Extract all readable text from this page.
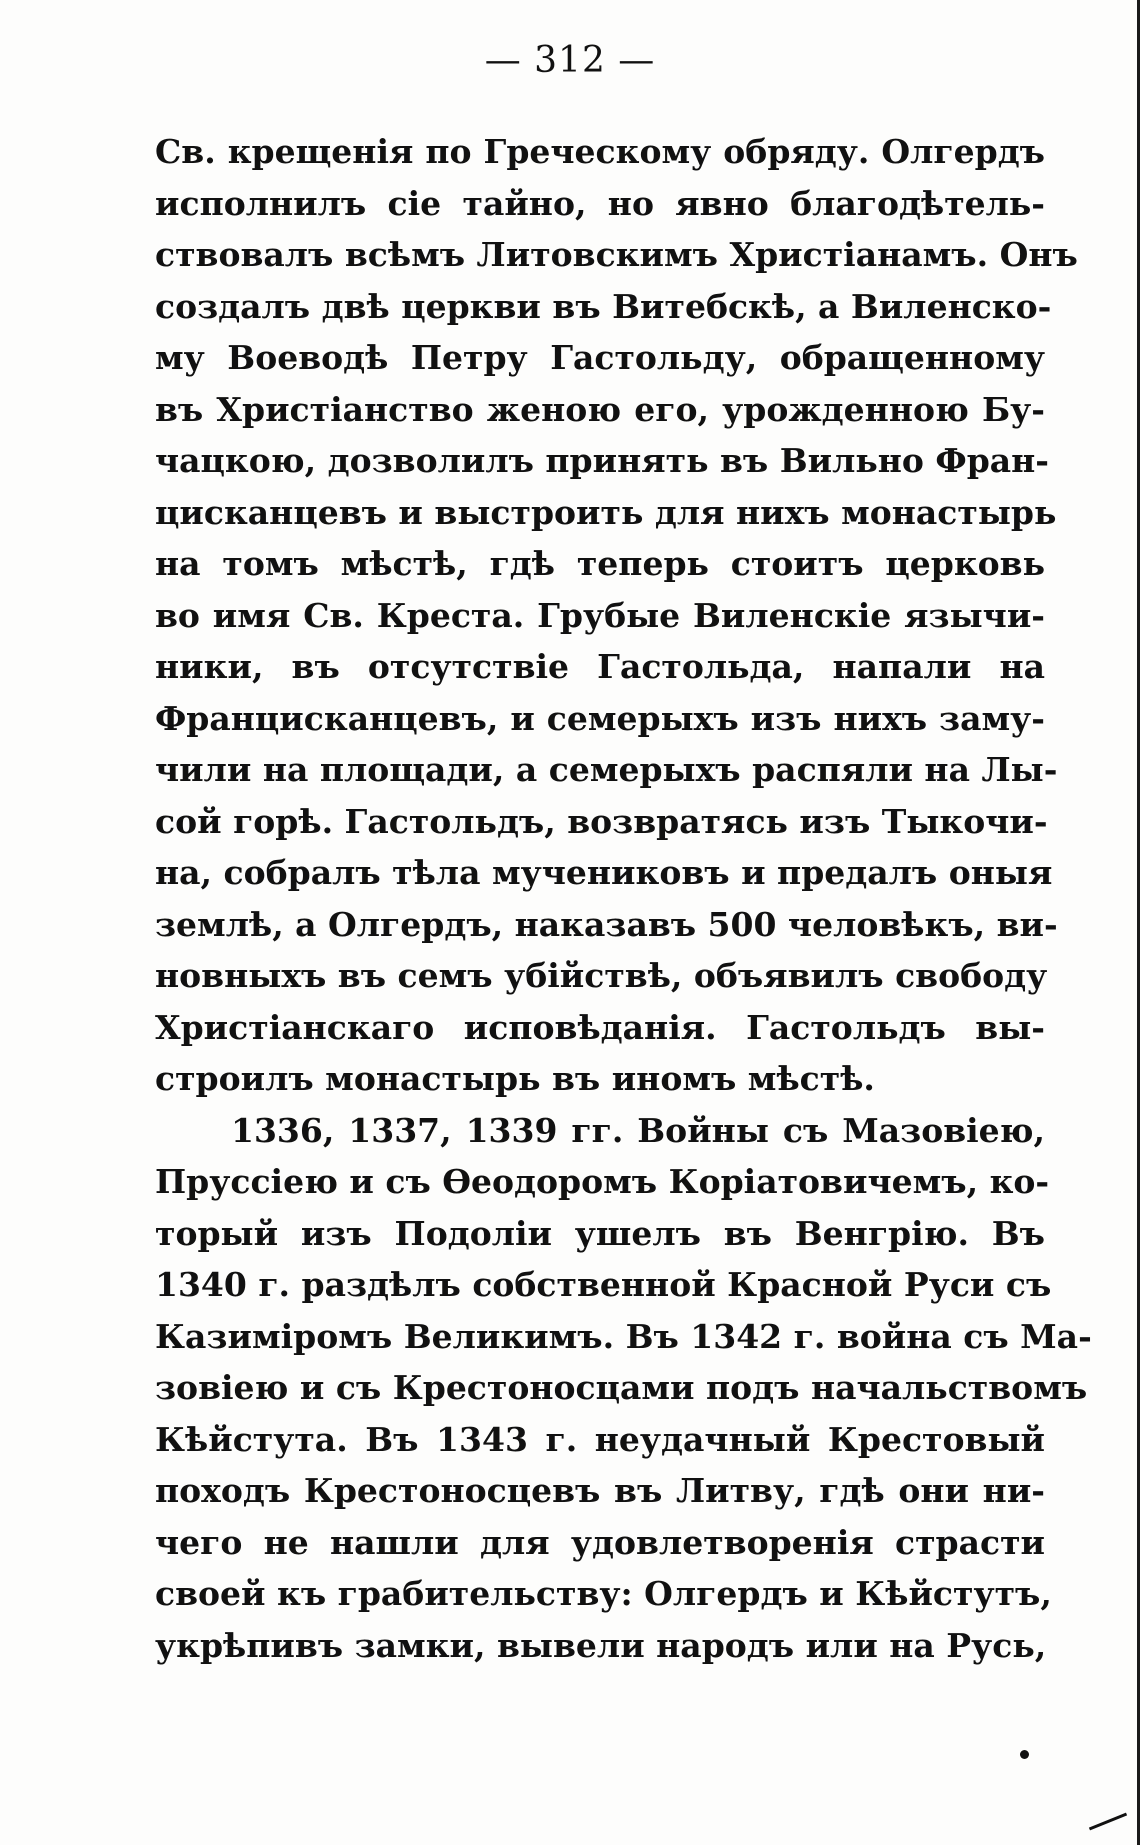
— 312 —
Св. крещенія по Греческому обряду. Олгердъ
исполнилъ сіе тайно, но явно благодѣтель-
ствовалъ всѣмъ Литовскимъ Христіанамъ. Онъ
создалъ двѣ церкви въ Витебскѣ, а Виленско-
му Воеводѣ Петру Гастольду, обращенному
въ Христіанство женою его, урожденною Бу-
чацкою, дозволилъ принять въ Вильно Фран-
цисканцевъ и выстроить для нихъ монастырь
на томъ мѣстѣ, гдѣ теперь стоитъ церковь
во имя Св. Креста. Грубые Виленскіе язычи-
ники, въ отсутствіе Гастольда, напали на
Францисканцевъ, и семерыхъ изъ нихъ заму-
чили на площади, а семерыхъ распяли на Лы-
сой горѣ. Гастольдъ, возвратясь изъ Тыкочи-
на, собралъ тѣла мучениковъ и предалъ оныя
землѣ, а Олгердъ, наказавъ 500 человѣкъ, ви-
новныхъ въ семъ убійствѣ, объявилъ свободу
Христіанскаго исповѣданія. Гастольдъ вы-
строилъ монастырь въ иномъ мѣстѣ.
1336, 1337, 1339 гг. Войны съ Мазовіею,
Пруссіею и съ Ѳеодоромъ Коріатовичемъ, ко-
торый изъ Подоліи ушелъ въ Венгрію. Въ
1340 г. раздѣлъ собственной Красной Руси съ
Казиміромъ Великимъ. Въ 1342 г. война съ Ма-
зовіею и съ Крестоносцами подъ начальствомъ
Кѣйстута. Въ 1343 г. неудачный Крестовый
походъ Крестоносцевъ въ Литву, гдѣ они ни-
чего не нашли для удовлетворенія страсти
своей къ грабительству: Олгердъ и Кѣйстутъ,
укрѣпивъ замки, вывели народъ или на Русь,
